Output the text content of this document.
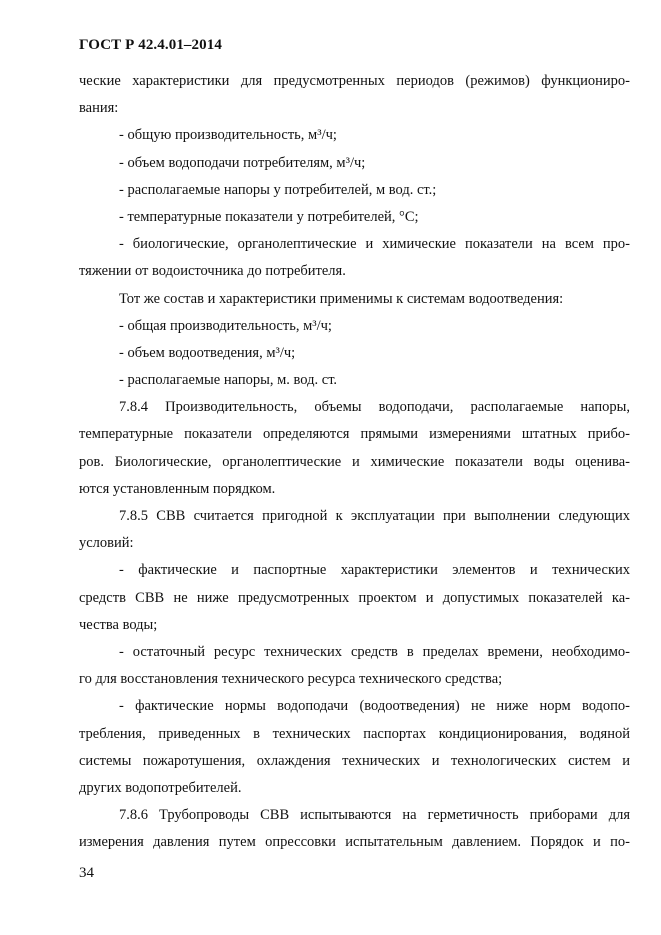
ГОСТ Р 42.4.01–2014
ческие характеристики для предусмотренных периодов (режимов) функциониро-
вания:
- общую производительность, м³/ч;
- объем водоподачи потребителям, м³/ч;
- располагаемые напоры у потребителей, м вод. ст.;
- температурные показатели у потребителей, °С;
- биологические, органолептические и химические показатели на всем про-
тяжении от водоисточника до потребителя.
Тот же состав и характеристики применимы к системам водоотведения:
- общая производительность, м³/ч;
- объем водоотведения, м³/ч;
- располагаемые напоры, м. вод. ст.
7.8.4 Производительность, объемы водоподачи, располагаемые напоры,
температурные показатели определяются прямыми измерениями штатных прибо-
ров. Биологические, органолептические и химические показатели воды оценива-
ются установленным порядком.
7.8.5 СВВ считается пригодной к эксплуатации при выполнении следующих
условий:
- фактические и паспортные характеристики элементов и технических
средств СВВ не ниже предусмотренных проектом и допустимых показателей ка-
чества воды;
- остаточный ресурс технических средств в пределах времени, необходимо-
го для восстановления технического ресурса технического средства;
- фактические нормы водоподачи (водоотведения) не ниже норм водопо-
требления, приведенных в технических паспортах кондиционирования, водяной
системы пожаротушения, охлаждения технических и технологических систем и
других водопотребителей.
7.8.6 Трубопроводы СВВ испытываются на герметичность приборами для
измерения давления путем опрессовки испытательным давлением. Порядок и по-
34
